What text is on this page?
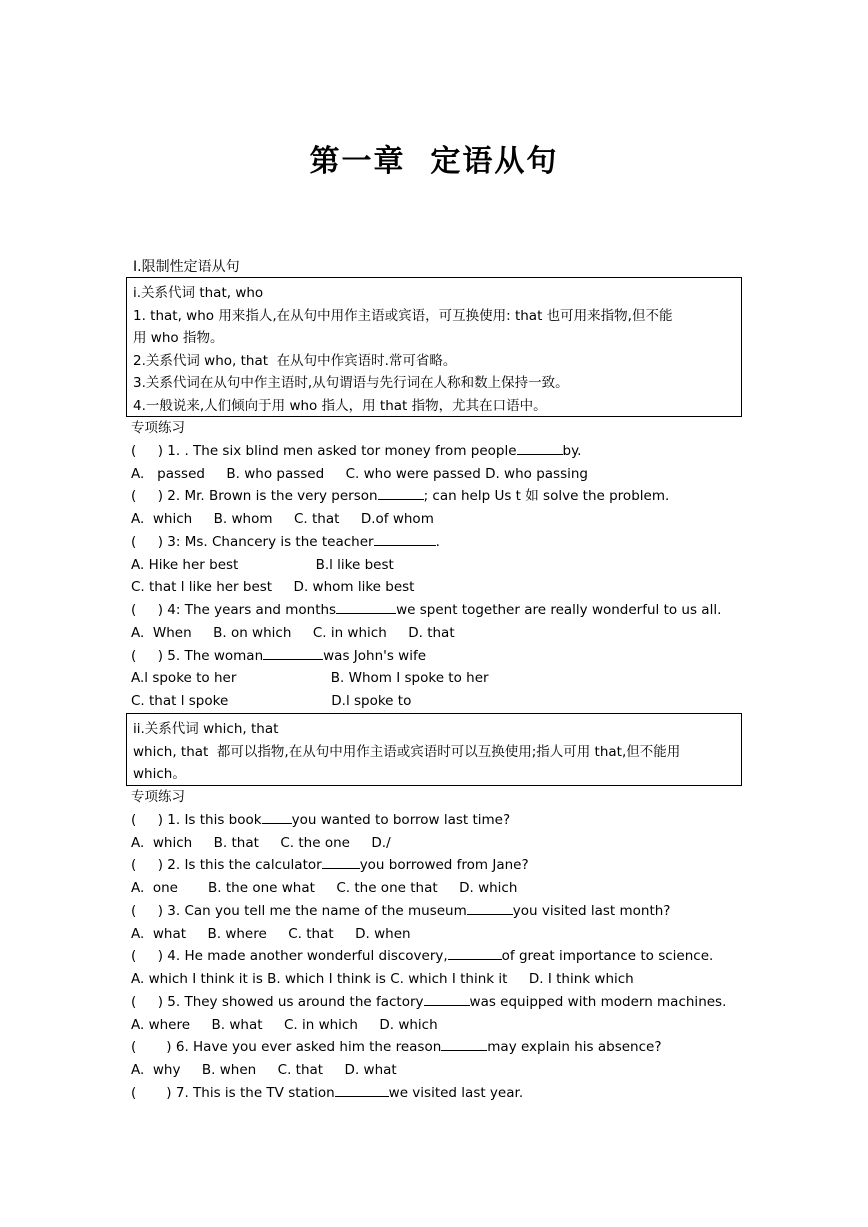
第一章  定语从句
Ⅰ.限制性定语从句
i.关系代词 that, who
1. that, who 用来指人,在从句中用作主语或宾语，可互换使用: that 也可用来指物,但不能
用 who 指物。
2.关系代词 who, that  在从句中作宾语时.常可省略。
3.关系代词在从句中作主语时,从句谓语与先行词在人称和数上保持一致。
4.一般说来,人们倾向于用 who 指人，用 that 指物，尤其在口语中。
专项练习
(     ) 1. . The six blind men asked tor money from people	by.
A.   passed     B. who passed     C. who were passed D. who passing
(     ) 2. Mr. Brown is the very person	; can help Us t 如 solve the problem.
A.  which     B. whom     C. that     D.of whom
(     ) 3: Ms. Chancery is the teacher	.
A. Hike her best                  B.l like best
C. that l like her best     D. whom like best
(     ) 4: The years and months	we spent together are really wonderful to us all.
A.  When     B. on which     C. in which     D. that
(     ) 5. The woman	was John's wife
A.l spoke to her                      B. Whom I spoke to her
C. that l spoke                        D.l spoke to
ii.关系代词 which, that
which, that  都可以指物,在从句中用作主语或宾语时可以互换使用;指人可用 that,但不能用
which。
专项练习
(     ) 1. Is this book you wanted to borrow last time?
A.  which     B. that     C. the one     D./
(     ) 2. Is this the calculator	you borrowed from Jane?
A.  one       B. the one what     C. the one that     D. which
(     ) 3. Can you tell me the name of the museum	you visited last month?
A.  what     B. where     C. that     D. when
(     ) 4. He made another wonderful discovery,	of great importance to science.
A. which I think it is B. which I think is C. which I think it     D. I think which
(     ) 5. They showed us around the factory	was equipped with modern machines.
A. where     B. what     C. in which     D. which
(       ) 6. Have you ever asked him the reason	may explain his absence?
A.  why     B. when     C. that     D. what
(       ) 7. This is the TV station	we visited last year.
